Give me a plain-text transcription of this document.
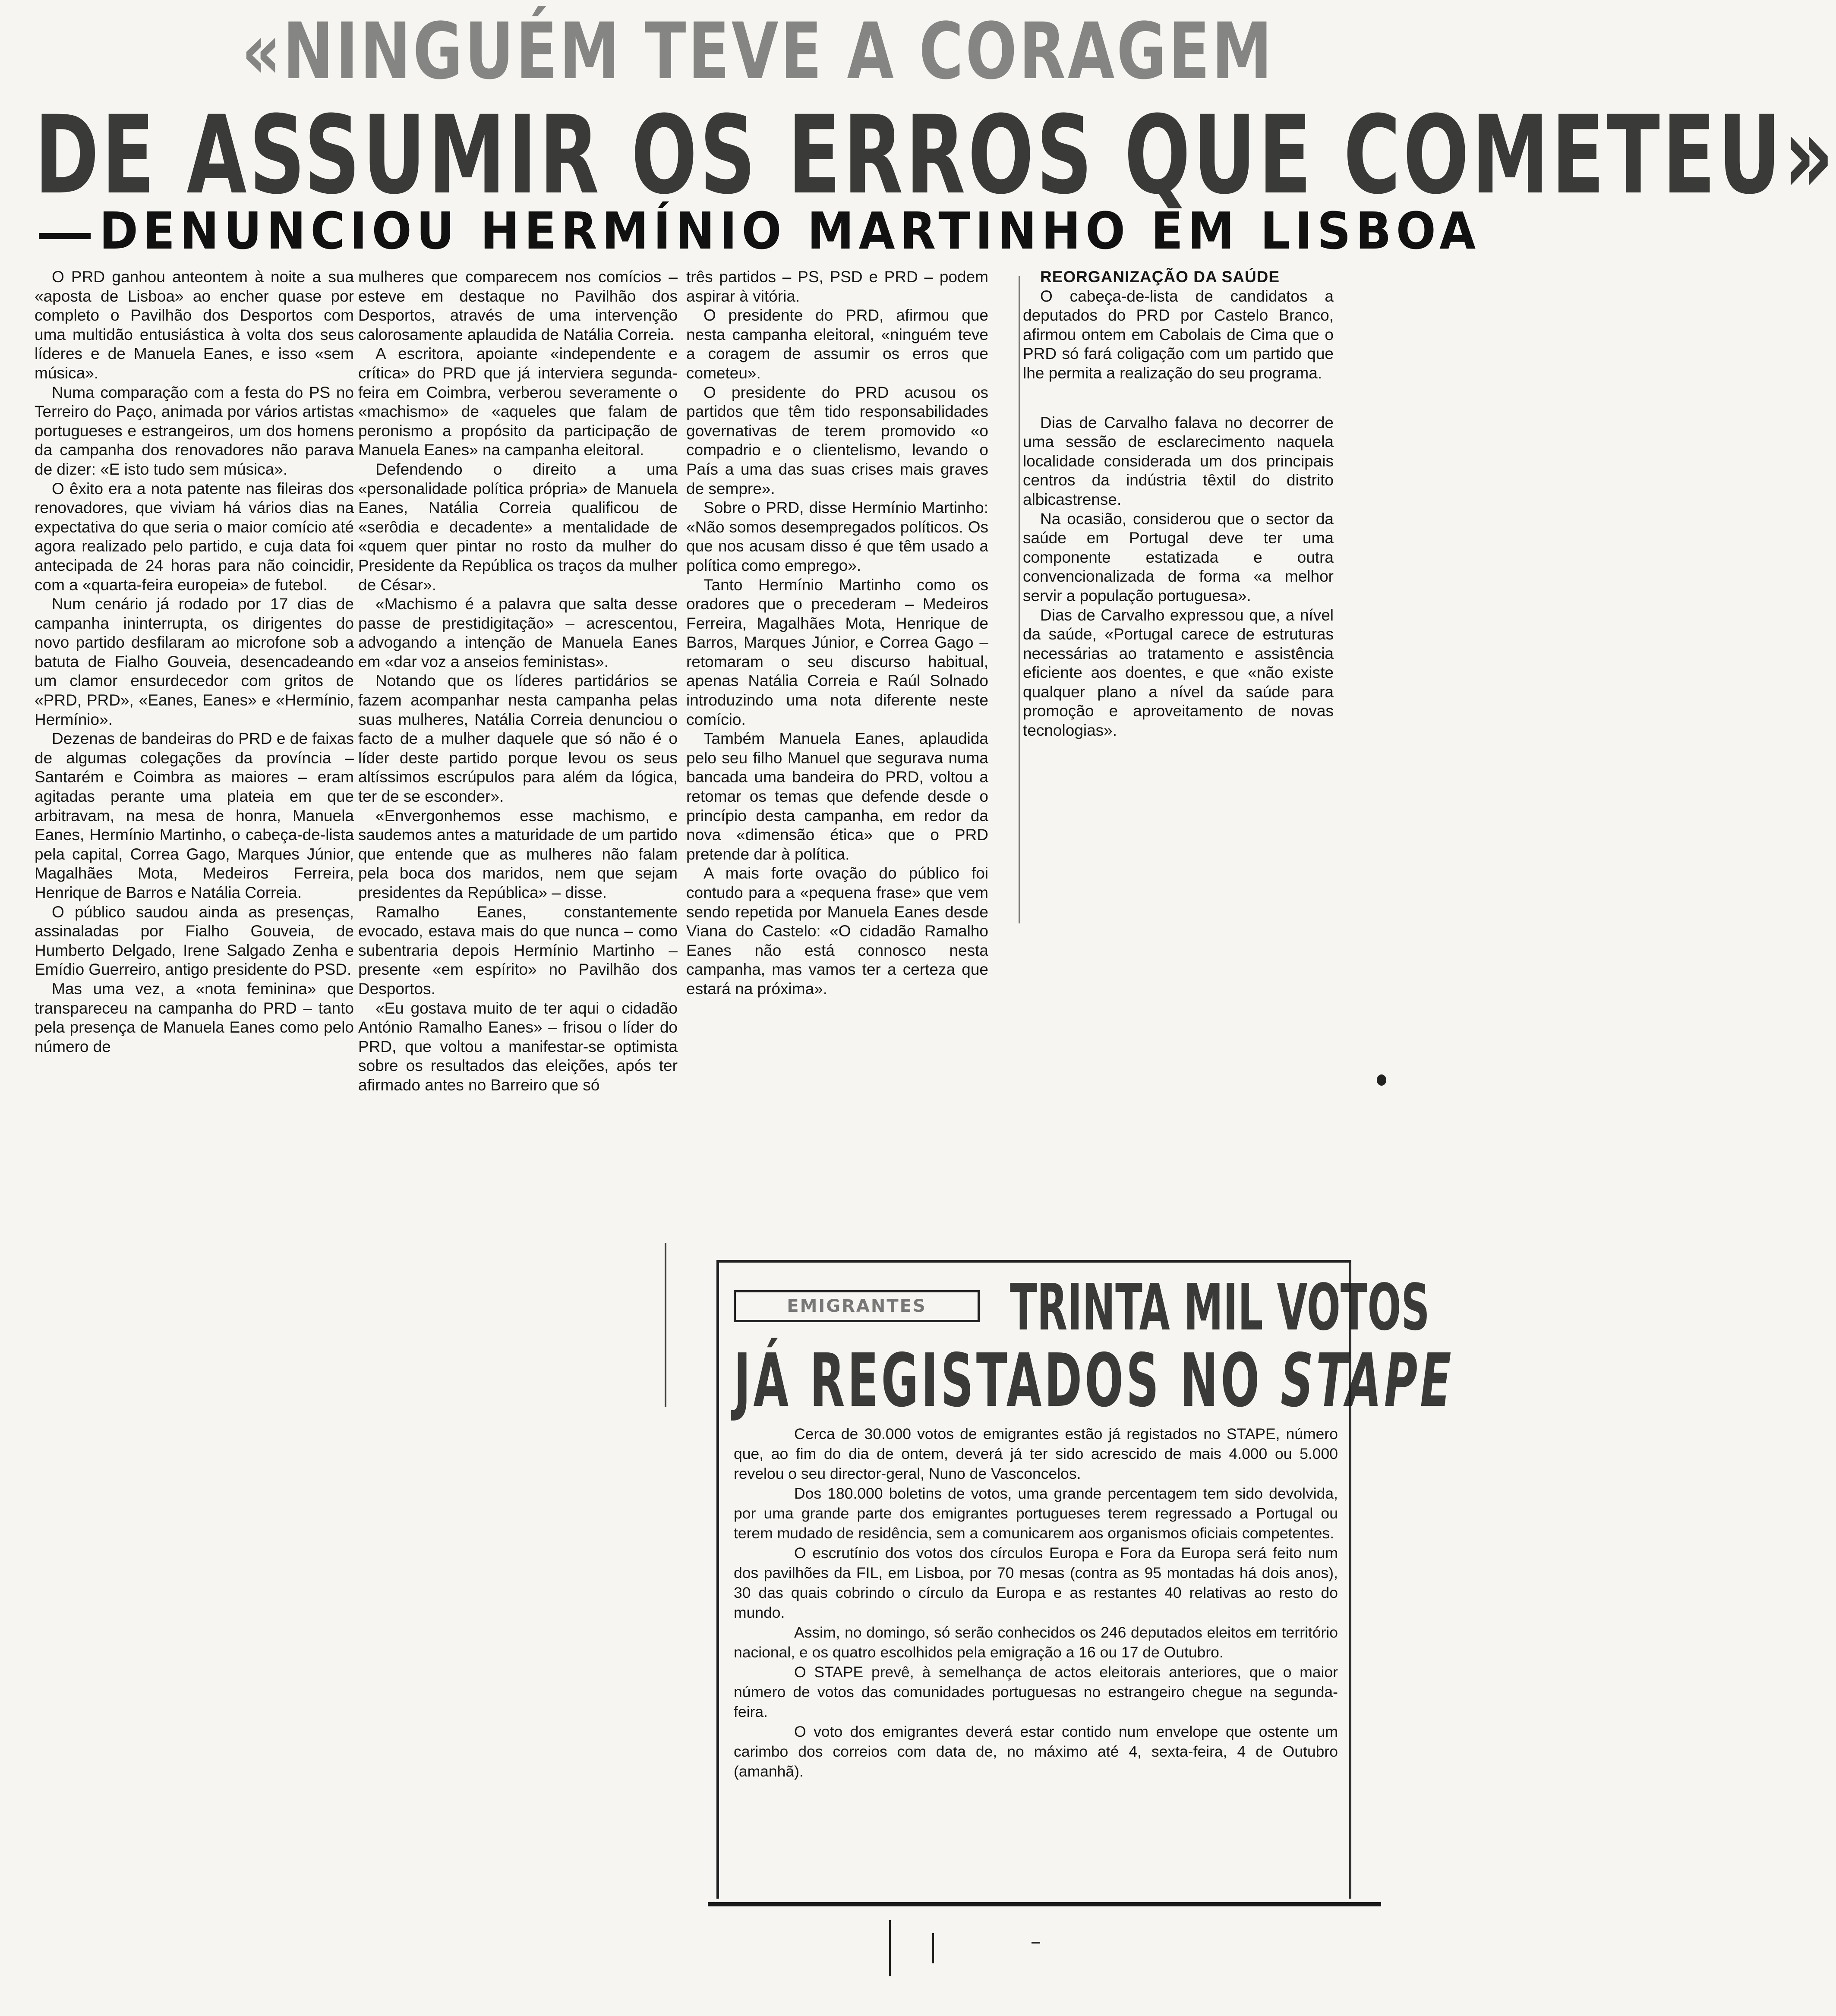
«NINGUÉM TEVE A CORAGEM
DE ASSUMIR OS ERROS QUE COMETEU»
DENUNCIOU HERMÍNIO MARTINHO EM LISBOA

O PRD ganhou anteontem à noite a sua «aposta de Lisboa» ao encher quase por completo o Pavilhão dos Desportos com uma multidão entusiástica à volta dos seus líderes e de Manuela Eanes, e isso «sem música».

Numa comparação com a festa do PS no Terreiro do Paço, animada por vários artistas portugueses e estrangeiros, um dos homens da campanha dos renovadores não parava de dizer: «E isto tudo sem música».

O êxito era a nota patente nas fileiras dos renovadores, que viviam há vários dias na expectativa do que seria o maior comício até agora realizado pelo partido, e cuja data foi antecipada de 24 horas para não coincidir, com a «quarta-feira europeia» de futebol.

Num cenário já rodado por 17 dias de campanha ininterrupta, os dirigentes do novo partido desfilaram ao microfone sob a batuta de Fialho Gouveia, desencadeando um clamor ensurdecedor com gritos de «PRD, PRD», «Eanes, Eanes» e «Hermínio, Hermínio».

Dezenas de bandeiras do PRD e de faixas de algumas colegações da província – Santarém e Coimbra as maiores – eram agitadas perante uma plateia em que arbitravam, na mesa de honra, Manuela Eanes, Hermínio Martinho, o cabeça-de-lista pela capital, Correa Gago, Marques Júnior, Magalhães Mota, Medeiros Ferreira, Henrique de Barros e Natália Correia.

O público saudou ainda as presenças, assinaladas por Fialho Gouveia, de Humberto Delgado, Irene Salgado Zenha e Emídio Guerreiro, antigo presidente do PSD.

Mas uma vez, a «nota feminina» que transpareceu na campanha do PRD – tanto pela presença de Manuela Eanes como pelo número de

mulheres que comparecem nos comícios – esteve em destaque no Pavilhão dos Desportos, através de uma intervenção calorosamente aplaudida de Natália Correia.

A escritora, apoiante «independente e crítica» do PRD que já interviera segunda-feira em Coimbra, verberou severamente o «machismo» de «aqueles que falam de peronismo a propósito da participação de Manuela Eanes» na campanha eleitoral.

Defendendo o direito a uma «personalidade política própria» de Manuela Eanes, Natália Correia qualificou de «serôdia e decadente» a mentalidade de «quem quer pintar no rosto da mulher do Presidente da República os traços da mulher de César».

«Machismo é a palavra que salta desse passe de prestidigitação» – acrescentou, advogando a intenção de Manuela Eanes em «dar voz a anseios feministas».

Notando que os líderes partidários se fazem acompanhar nesta campanha pelas suas mulheres, Natália Correia denunciou o facto de a mulher daquele que só não é o líder deste partido porque levou os seus altíssimos escrúpulos para além da lógica, ter de se esconder».

«Envergonhemos esse machismo, e saudemos antes a maturidade de um partido que entende que as mulheres não falam pela boca dos maridos, nem que sejam presidentes da República» – disse.

Ramalho Eanes, constantemente evocado, estava mais do que nunca – como subentraria depois Hermínio Martinho – presente «em espírito» no Pavilhão dos Desportos.

«Eu gostava muito de ter aqui o cidadão António Ramalho Eanes» – frisou o líder do PRD, que voltou a manifestar-se optimista sobre os resultados das eleições, após ter afirmado antes no Barreiro que só

três partidos – PS, PSD e PRD – podem aspirar à vitória.

O presidente do PRD, afirmou que nesta campanha eleitoral, «ninguém teve a coragem de assumir os erros que cometeu».

O presidente do PRD acusou os partidos que têm tido responsabilidades governativas de terem promovido «o compadrio e o clientelismo, levando o País a uma das suas crises mais graves de sempre».

Sobre o PRD, disse Hermínio Martinho: «Não somos desempregados políticos. Os que nos acusam disso é que têm usado a política como emprego».

Tanto Hermínio Martinho como os oradores que o precederam – Medeiros Ferreira, Magalhães Mota, Henrique de Barros, Marques Júnior, e Correa Gago – retomaram o seu discurso habitual, apenas Natália Correia e Raúl Solnado introduzindo uma nota diferente neste comício.

Também Manuela Eanes, aplaudida pelo seu filho Manuel que segurava numa bancada uma bandeira do PRD, voltou a retomar os temas que defende desde o princípio desta campanha, em redor da nova «dimensão ética» que o PRD pretende dar à política.

A mais forte ovação do público foi contudo para a «pequena frase» que vem sendo repetida por Manuela Eanes desde Viana do Castelo: «O cidadão Ramalho Eanes não está connosco nesta campanha, mas vamos ter a certeza que estará na próxima».

REORGANIZAÇÃO DA SAÚDE

O cabeça-de-lista de candidatos a deputados do PRD por Castelo Branco, afirmou ontem em Cabolais de Cima que o PRD só fará coligação com um partido que lhe permita a realização do seu programa.

Dias de Carvalho falava no decorrer de uma sessão de esclarecimento naquela localidade considerada um dos principais centros da indústria têxtil do distrito albicastrense.

Na ocasião, considerou que o sector da saúde em Portugal deve ter uma componente estatizada e outra convencionalizada de forma «a melhor servir a população portuguesa».

Dias de Carvalho expressou que, a nível da saúde, «Portugal carece de estruturas necessárias ao tratamento e assistência eficiente aos doentes, e que «não existe qualquer plano a nível da saúde para promoção e aproveitamento de novas tecnologias».

EMIGRANTES	TRINTA MIL VOTOS
JÁ REGISTADOS NO STAPE

Cerca de 30.000 votos de emigrantes estão já registados no STAPE, número que, ao fim do dia de ontem, deverá já ter sido acrescido de mais 4.000 ou 5.000 revelou o seu director-geral, Nuno de Vasconcelos.

Dos 180.000 boletins de votos, uma grande percentagem tem sido devolvida, por uma grande parte dos emigrantes portugueses terem regressado a Portugal ou terem mudado de residência, sem a comunicarem aos organismos oficiais competentes.

O escrutínio dos votos dos círculos Europa e Fora da Europa será feito num dos pavilhões da FIL, em Lisboa, por 70 mesas (contra as 95 montadas há dois anos), 30 das quais cobrindo o círculo da Europa e as restantes 40 relativas ao resto do mundo.

Assim, no domingo, só serão conhecidos os 246 deputados eleitos em território nacional, e os quatro escolhidos pela emigração a 16 ou 17 de Outubro.

O STAPE prevê, à semelhança de actos eleitorais anteriores, que o maior número de votos das comunidades portuguesas no estrangeiro chegue na segunda-feira.

O voto dos emigrantes deverá estar contido num envelope que ostente um carimbo dos correios com data de, no máximo até 4, sexta-feira, 4 de Outubro (amanhã).
